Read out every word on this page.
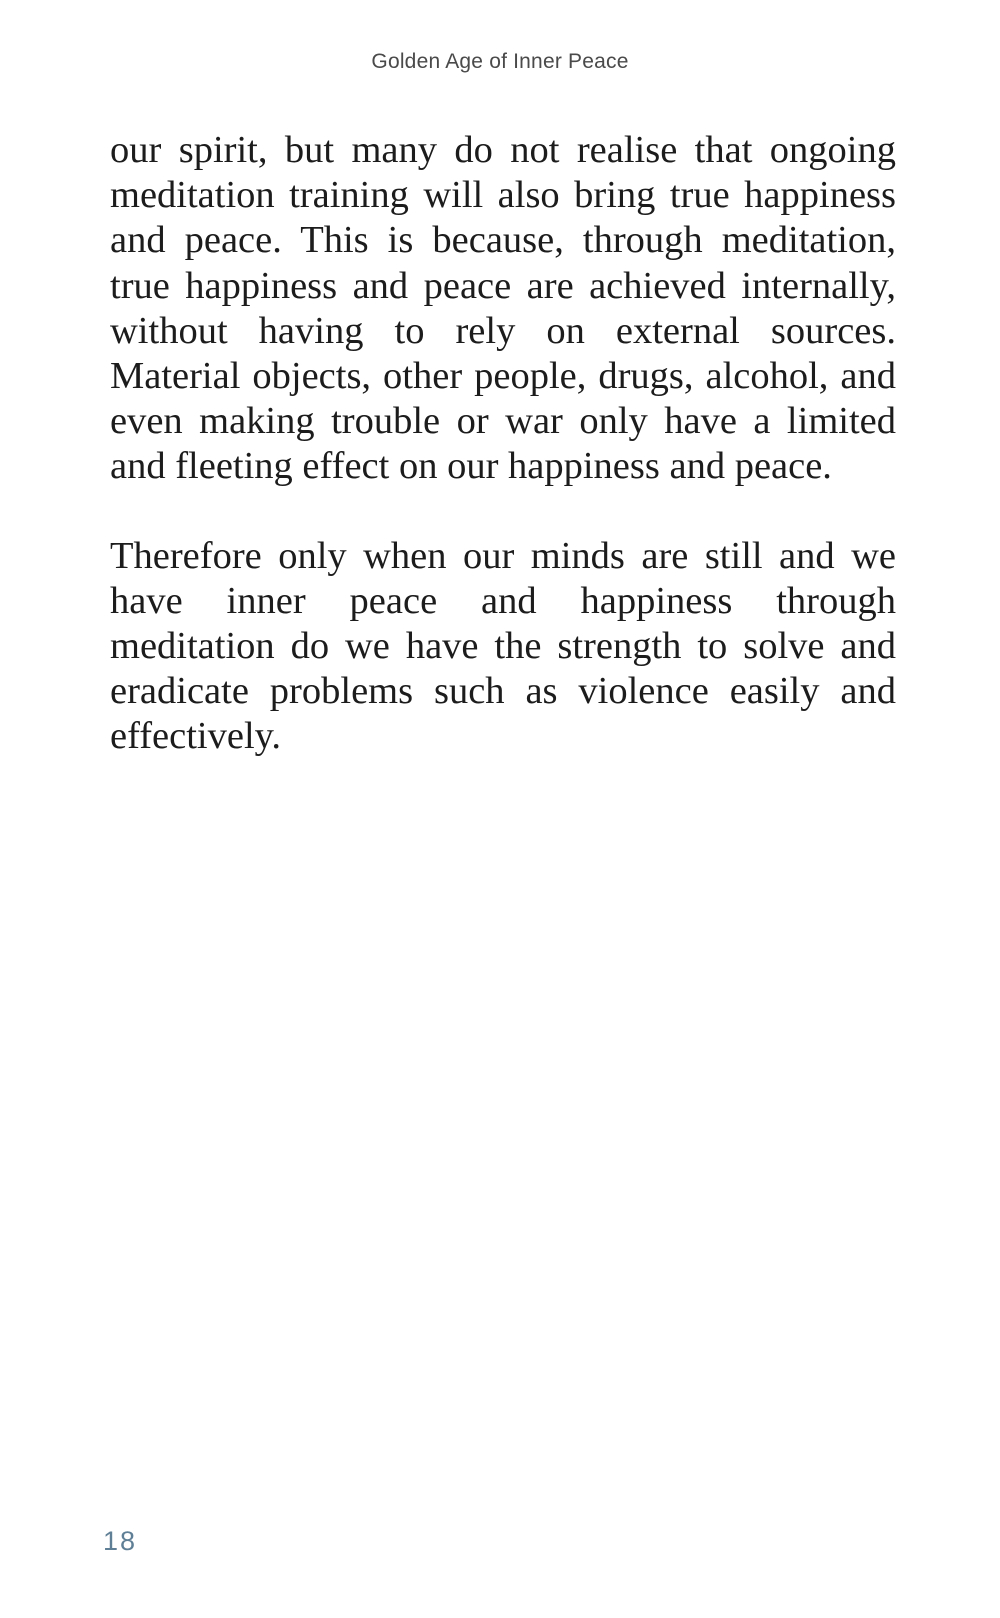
Golden Age of Inner Peace

our spirit, but many do not realise that ongoing meditation training will also bring true happiness and peace. This is because, through meditation, true happiness and peace are achieved internally, without having to rely on external sources. Material objects, other people, drugs, alcohol, and even making trouble or war only have a limited and fleeting effect on our happiness and peace.

Therefore only when our minds are still and we have inner peace and happiness through meditation do we have the strength to solve and eradicate problems such as violence easily and effectively.

18
